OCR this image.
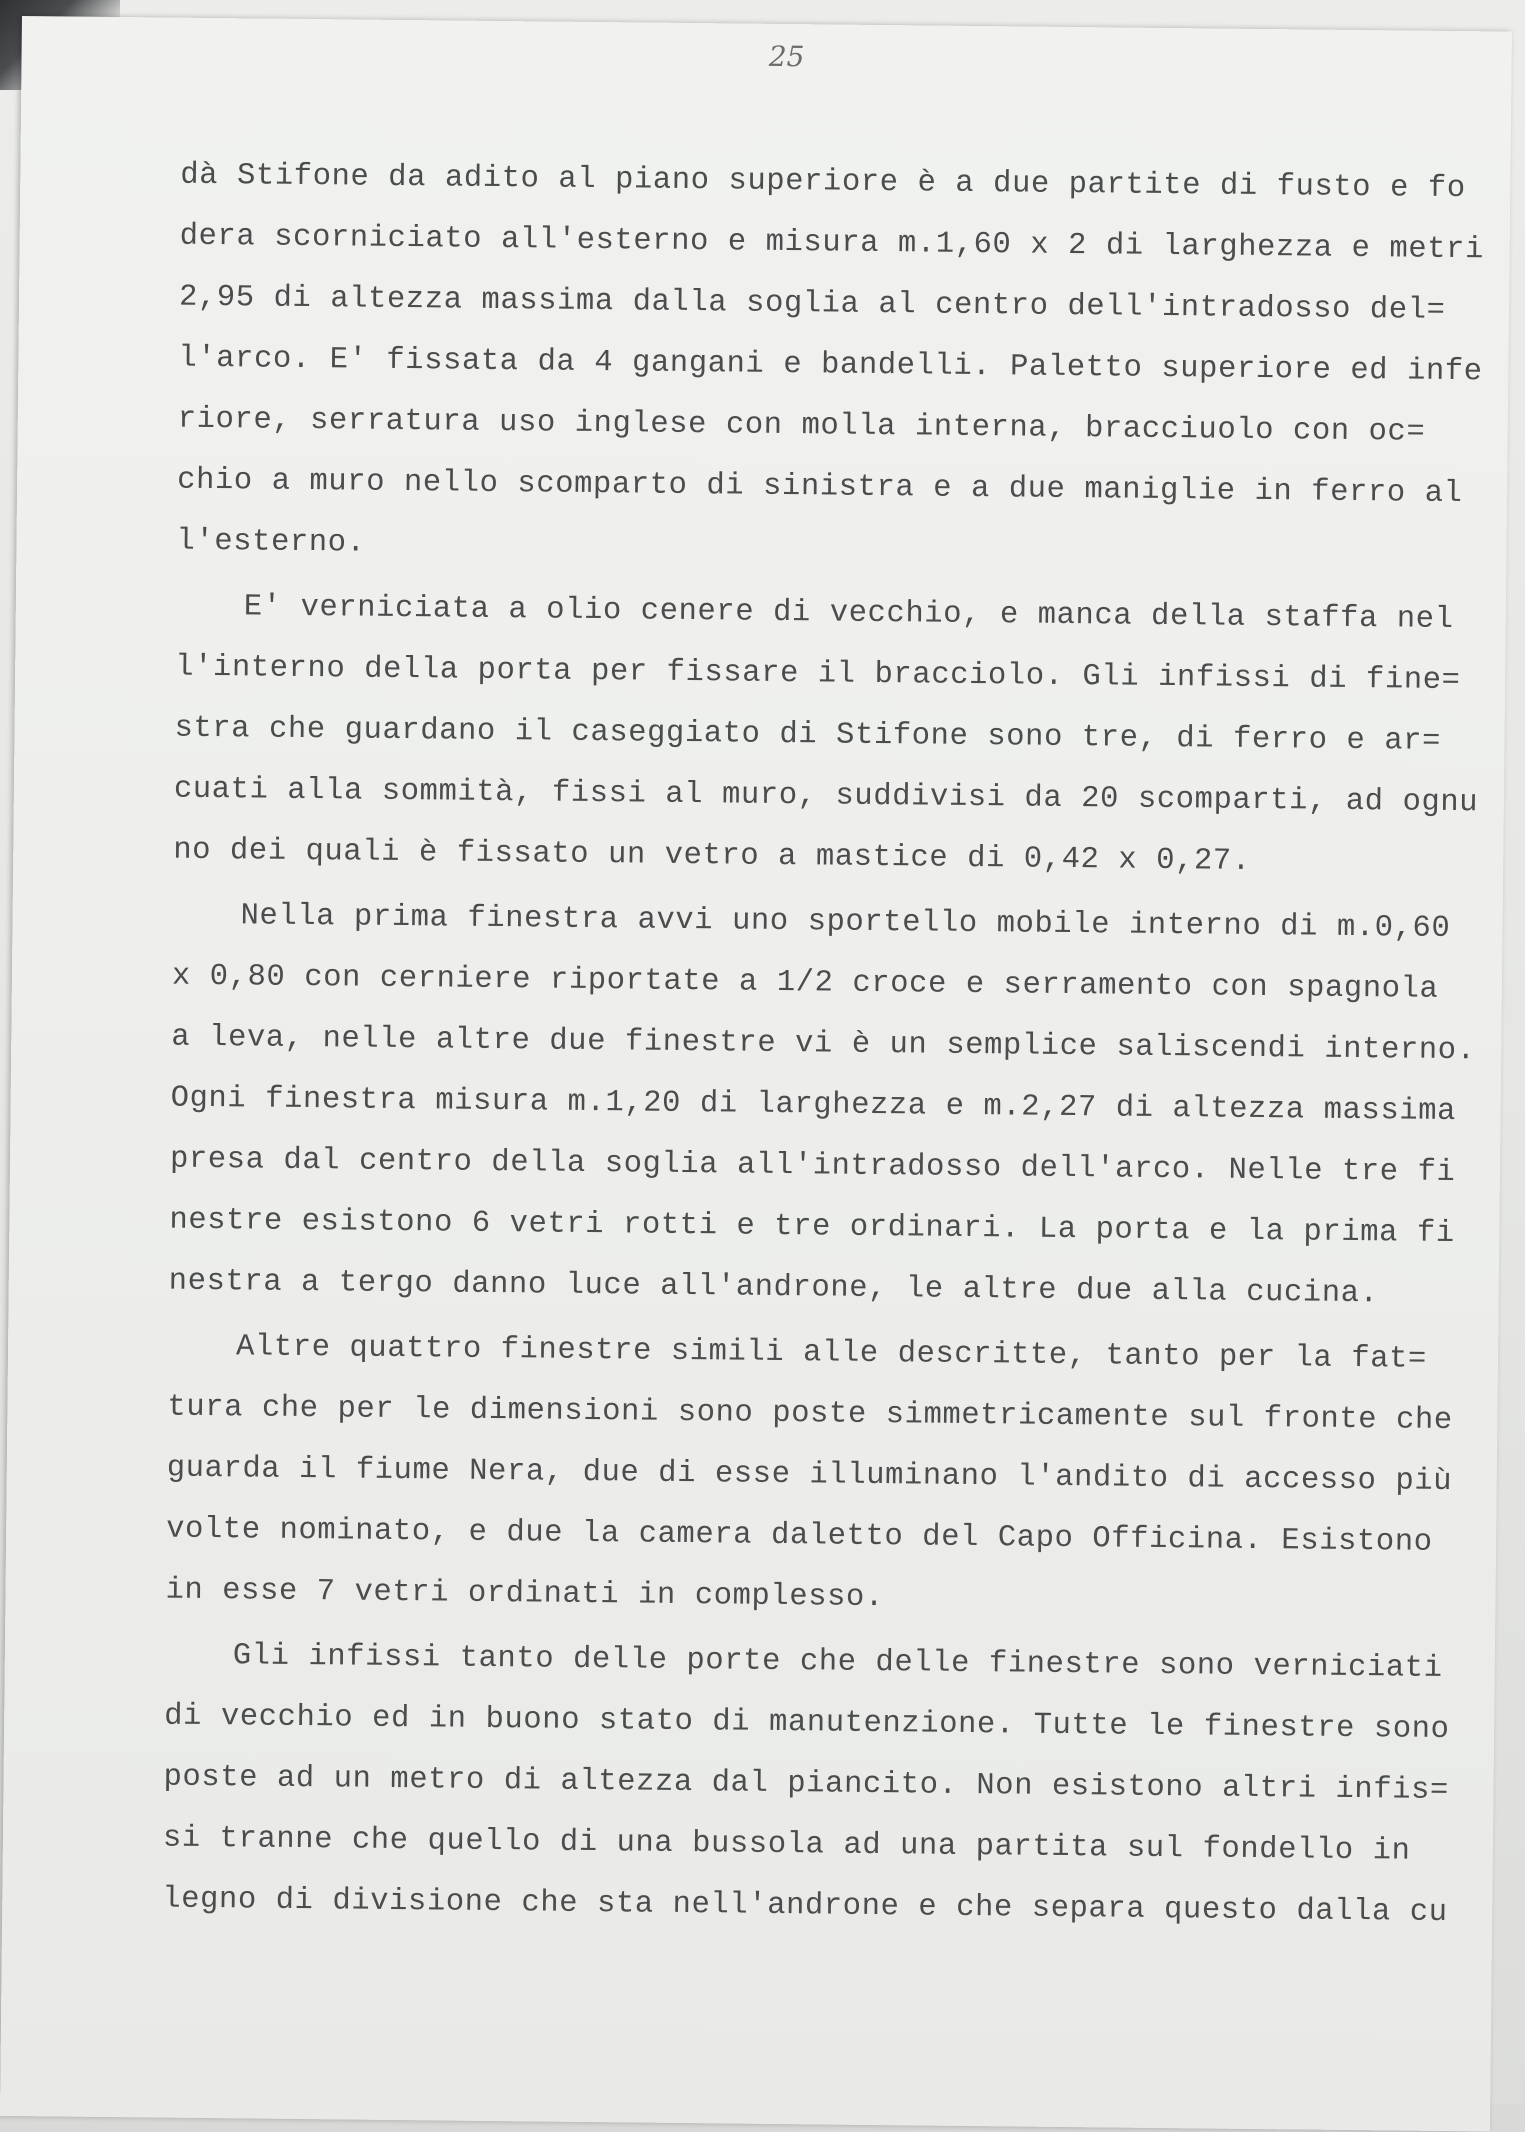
25
dà Stifone da adito al piano superiore è a due partite di fusto e fo
dera scorniciato all'esterno e misura m.1,60 x 2 di larghezza e metri
2,95 di altezza massima dalla soglia al centro dell'intradosso del=
l'arco. E' fissata da 4 gangani e bandelli. Paletto superiore ed infe
riore, serratura uso inglese con molla interna, bracciuolo con oc=
chio a muro nello scomparto di sinistra e a due maniglie in ferro al
l'esterno.
E' verniciata a olio cenere di vecchio, e manca della staffa nel
l'interno della porta per fissare il bracciolo. Gli infissi di fine=
stra che guardano il caseggiato di Stifone sono tre, di ferro e ar=
cuati alla sommità, fissi al muro, suddivisi da 20 scomparti, ad ognu
no dei quali è fissato un vetro a mastice di 0,42 x 0,27.
Nella prima finestra avvi uno sportello mobile interno di m.0,60
x 0,80 con cerniere riportate a 1/2 croce e serramento con spagnola
a leva, nelle altre due finestre vi è un semplice saliscendi interno.
Ogni finestra misura m.1,20 di larghezza e m.2,27 di altezza massima
presa dal centro della soglia all'intradosso dell'arco. Nelle tre fi
nestre esistono 6 vetri rotti e tre ordinari. La porta e la prima fi
nestra a tergo danno luce all'androne, le altre due alla cucina.
Altre quattro finestre simili alle descritte, tanto per la fat=
tura che per le dimensioni sono poste simmetricamente sul fronte che
guarda il fiume Nera, due di esse illuminano l'andito di accesso più
volte nominato, e due la camera daletto del Capo Officina. Esistono
in esse 7 vetri ordinati in complesso.
Gli infissi tanto delle porte che delle finestre sono verniciati
di vecchio ed in buono stato di manutenzione. Tutte le finestre sono
poste ad un metro di altezza dal piancito. Non esistono altri infis=
si tranne che quello di una bussola ad una partita sul fondello in
legno di divisione che sta nell'androne e che separa questo dalla cu
